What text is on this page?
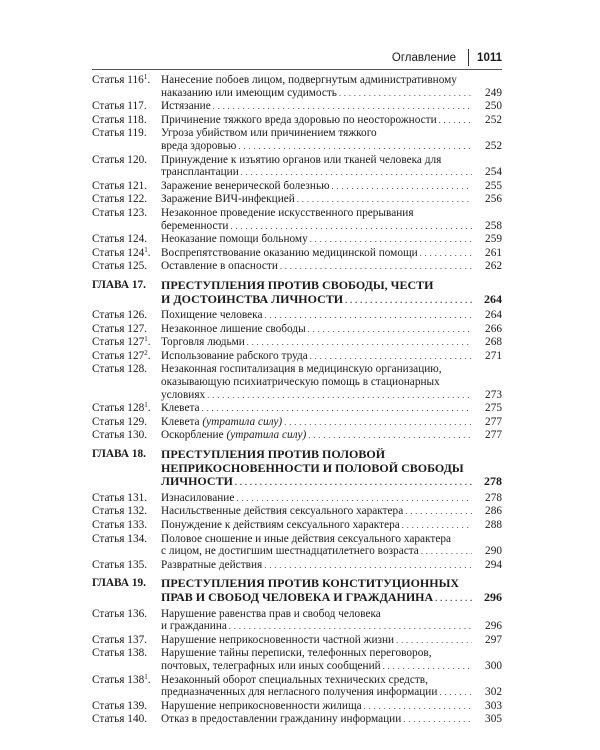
Оглавление 1011
Статья $116^1$. Нанесение побоев лицом, подвергнутым административному
наказанию или имеющим судимость . . .	249
Статья 117.	Истязание . . .	250
Статья 118.	Причинение тяжкого вреда здоровью по неосторожности . . .	252
Статья 119.	Угроза убийством или причинением тяжкого
вреда здоровью . . .	252
Статья 120.	Принуждение к изъятию органов или тканей человека для
трансплантации . . .	254
Статья 121.	Заражение венерической болезнью . . .	255
Статья 122.	Заражение ВИЧ-инфекцией . . .	256
Статья 123.	Незаконное проведение искусственного прерывания
беременности . . .	258
Статья 124.	Неоказание помощи больному . . .	259
Статья $124^1$. Воспрепятствование оказанию медицинской помощи . . .	261
Статья 125.	Оставление в опасности . . .	262
ГЛАВА 17.	ПРЕСТУПЛЕНИЯ ПРОТИВ СВОБОДЫ, ЧЕСТИ
И ДОСТОИНСТВА ЛИЧНОСТИ . . .	264
Статья 126.	Похищение человека . . .	264
Статья 127.	Незаконное лишение свободы . . .	266
Статья $127^1$. Торговля людьми . . .	268
Статья $127^2$. Использование рабского труда . . .	271
Статья 128.	Незаконная госпитализация в медицинскую организацию,
оказывающую психиатрическую помощь в стационарных
условиях . . .	273
Статья $128^1$. Клевета . . .	275
Статья 129.	Клевета
(утратила силу) . . .	277
Статья 130.	Оскорбление
(утратила силу) . . .	277
ГЛАВА 18.	ПРЕСТУПЛЕНИЯ ПРОТИВ ПОЛОВОЙ
НЕПРИКОСНОВЕННОСТИ И ПОЛОВОЙ СВОБОДЫ
ЛИЧНОСТИ . . .	278
Статья 131.	Изнасилование . . .	278
Статья 132.	Насильственные действия сексуального характера . . .	286
Статья 133.	Понуждение к действиям сексуального характера . . .	288
Статья 134.	Половое сношение и иные действия сексуального характера
с лицом, не достигшим шестнадцатилетнего возраста . . .	290
Статья 135.	Развратные действия . . .	294
ГЛАВА 19.	ПРЕСТУПЛЕНИЯ ПРОТИВ КОНСТИТУЦИОННЫХ
ПРАВ И СВОБОД ЧЕЛОВЕКА И ГРАЖДАНИНА . . .	296
Статья 136.	Нарушение равенства прав и свобод человека
и гражданина . . .	296
Статья 137.	Нарушение неприкосновенности частной жизни . . .	297
Статья 138.	Нарушение тайны переписки, телефонных переговоров,
почтовых, телеграфных или иных сообщений . . .	300
Статья $138^1$. Незаконный оборот специальных технических средств,
предназначенных для негласного получения информации . . .	302
Статья 139.	Нарушение неприкосновенности жилища . . .	303
Статья 140.	Отказ в предоставлении гражданину информации . . .	305
